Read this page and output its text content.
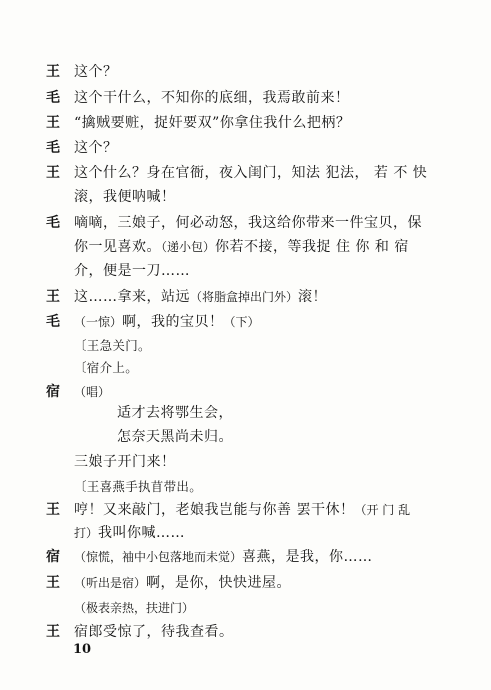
王 这个？
毛 这个干什么，不知你的底细，我焉敢前来！
王 “擒贼要赃，捉奸要双”你拿住我什么把柄？
毛 这个？
王 这个什么？身在官衙，夜入闺门，知法 犯法， 若 不 快
滚，我便呐喊！
毛 嘀嘀，三娘子，何必动怒，我这给你带来一件宝贝，保
你一见喜欢。（递小包）你若不接，等我捉 住 你 和 宿
介，便是一刀……
王 这……拿来，站远（将脂盒掉出门外）滚！
毛 （一惊）啊，我的宝贝！（下）
〔王急关门。
〔宿介上。
宿 （唱）
适才去将鄂生会，
怎奈天黑尚未归。
三娘子开门来！
〔王喜燕手执苜带出。
王 哼！又来敲门，老娘我岂能与你善 罢干休！（开 门 乱
打）我叫你喊……
宿 （惊慌，袖中小包落地而未觉）喜燕，是我，你……
王 （听出是宿）啊，是你，快快进屋。
（极表亲热，扶进门）
王 宿郎受惊了，待我查看。
10
